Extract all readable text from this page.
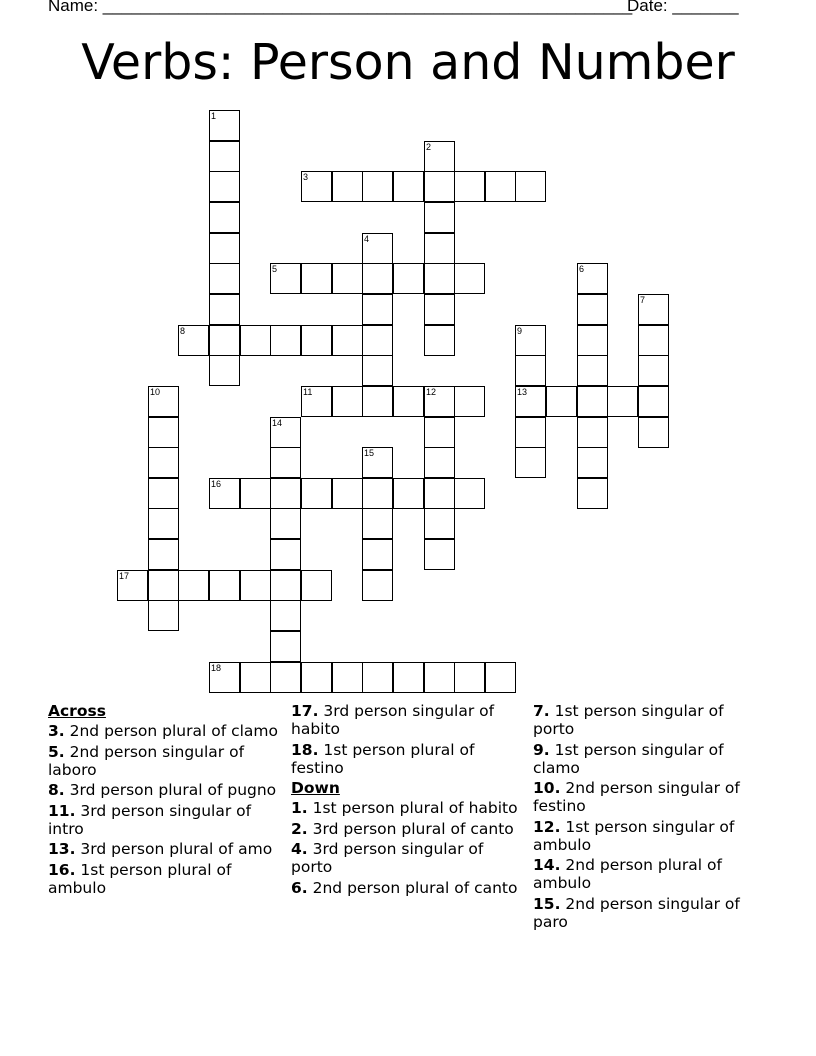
Name: ________________________________________________________
Date: _______
Verbs: Person and Number
1
2
3
4
5	6
7
8	9
13
10	11	12
14
15
16
17
18
Across
3. 2nd person plural of clamo
5. 2nd person singular of laboro
8. 3rd person plural of pugno
11. 3rd person singular of intro
13. 3rd person plural of amo
16. 1st person plural of ambulo
17. 3rd person singular of habito
18. 1st person plural of festino
Down
1. 1st person plural of habito
2. 3rd person plural of canto
4. 3rd person singular of porto
6. 2nd person plural of canto
7. 1st person singular of porto
9. 1st person singular of clamo
10. 2nd person singular of festino
12. 1st person singular of ambulo
14. 2nd person plural of ambulo
15. 2nd person singular of paro
